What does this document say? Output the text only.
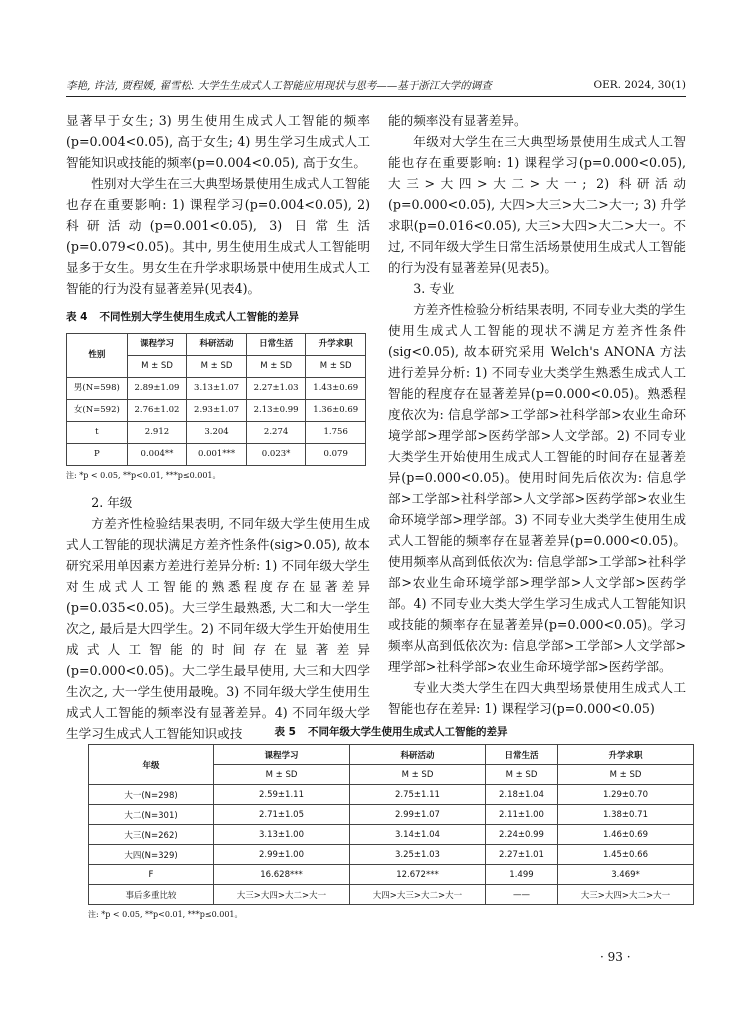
李艳, 许洁, 贾程媛, 翟雪松. 大学生生成式人工智能应用现状与思考——基于浙江大学的调查	OER. 2024, 30(1)

显著早于女生; 3) 男生使用生成式人工智能的频率(p=0.004<0.05), 高于女生; 4) 男生学习生成式人工智能知识或技能的频率(p=0.004<0.05), 高于女生。

性别对大学生在三大典型场景使用生成式人工智能也存在重要影响: 1) 课程学习(p=0.004<0.05), 2) 科研活动(p=0.001<0.05), 3) 日常生活(p=0.079<0.05)。其中, 男生使用生成式人工智能明显多于女生。男女生在升学求职场景中使用生成式人工智能的行为没有显著差异(见表4)。

表 4 不同性别大学生使用生成式人工智能的差异
性别	课程学习	科研活动	日常生活	升学求职
	M ± SD	M ± SD	M ± SD	M ± SD
男(N=598)	2.89±1.09	3.13±1.07	2.27±1.03	1.43±0.69
女(N=592)	2.76±1.02	2.93±1.07	2.13±0.99	1.36±0.69
t	2.912	3.204	2.274	1.756
P	0.004**	0.001***	0.023*	0.079
注: *p < 0.05, **p<0.01, ***p≤0.001。

2. 年级

方差齐性检验结果表明, 不同年级大学生使用生成式人工智能的现状满足方差齐性条件(sig>0.05), 故本研究采用单因素方差进行差异分析: 1) 不同年级大学生对生成式人工智能的熟悉程度存在显著差异(p=0.035<0.05)。大三学生最熟悉, 大二和大一学生次之, 最后是大四学生。2) 不同年级大学生开始使用生成式人工智能的时间存在显著差异(p=0.000<0.05)。大二学生最早使用, 大三和大四学生次之, 大一学生使用最晚。3) 不同年级大学生使用生成式人工智能的频率没有显著差异。4) 不同年级大学生学习生成式人工智能知识或技

能的频率没有显著差异。

年级对大学生在三大典型场景使用生成式人工智能也存在重要影响: 1) 课程学习(p=0.000<0.05), 大三>大四>大二>大一; 2) 科研活动(p=0.000<0.05), 大四>大三>大二>大一; 3) 升学求职(p=0.016<0.05), 大三>大四>大二>大一。不过, 不同年级大学生日常生活场景使用生成式人工智能的行为没有显著差异(见表5)。

3. 专业

方差齐性检验分析结果表明, 不同专业大类的学生使用生成式人工智能的现状不满足方差齐性条件(sig<0.05), 故本研究采用 Welch's ANONA 方法进行差异分析: 1) 不同专业大类学生熟悉生成式人工智能的程度存在显著差异(p=0.000<0.05)。熟悉程度依次为: 信息学部>工学部>社科学部>农业生命环境学部>理学部>医药学部>人文学部。2) 不同专业大类学生开始使用生成式人工智能的时间存在显著差异(p=0.000<0.05)。使用时间先后依次为: 信息学部>工学部>社科学部>人文学部>医药学部>农业生命环境学部>理学部。3) 不同专业大类学生使用生成式人工智能的频率存在显著差异(p=0.000<0.05)。使用频率从高到低依次为: 信息学部>工学部>社科学部>农业生命环境学部>理学部>人文学部>医药学部。4) 不同专业大类大学生学习生成式人工智能知识或技能的频率存在显著差异(p=0.000<0.05)。学习频率从高到低依次为: 信息学部>工学部>人文学部>理学部>社科学部>农业生命环境学部>医药学部。

专业大类大学生在四大典型场景使用生成式人工智能也存在差异: 1) 课程学习(p=0.000<0.05)

表 5 不同年级大学生使用生成式人工智能的差异
年级	课程学习	科研活动	日常生活	升学求职
	M ± SD	M ± SD	M ± SD	M ± SD
大一(N=298)	2.59±1.11	2.75±1.11	2.18±1.04	1.29±0.70
大二(N=301)	2.71±1.05	2.99±1.07	2.11±1.00	1.38±0.71
大三(N=262)	3.13±1.00	3.14±1.04	2.24±0.99	1.46±0.69
大四(N=329)	2.99±1.00	3.25±1.03	2.27±1.01	1.45±0.66
F	16.628***	12.672***	1.499	3.469*
事后多重比较	大三>大四>大二>大一	大四>大三>大二>大一	——	大三>大四>大二>大一
注: *p < 0.05, **p<0.01, ***p≤0.001。
· 93 ·
